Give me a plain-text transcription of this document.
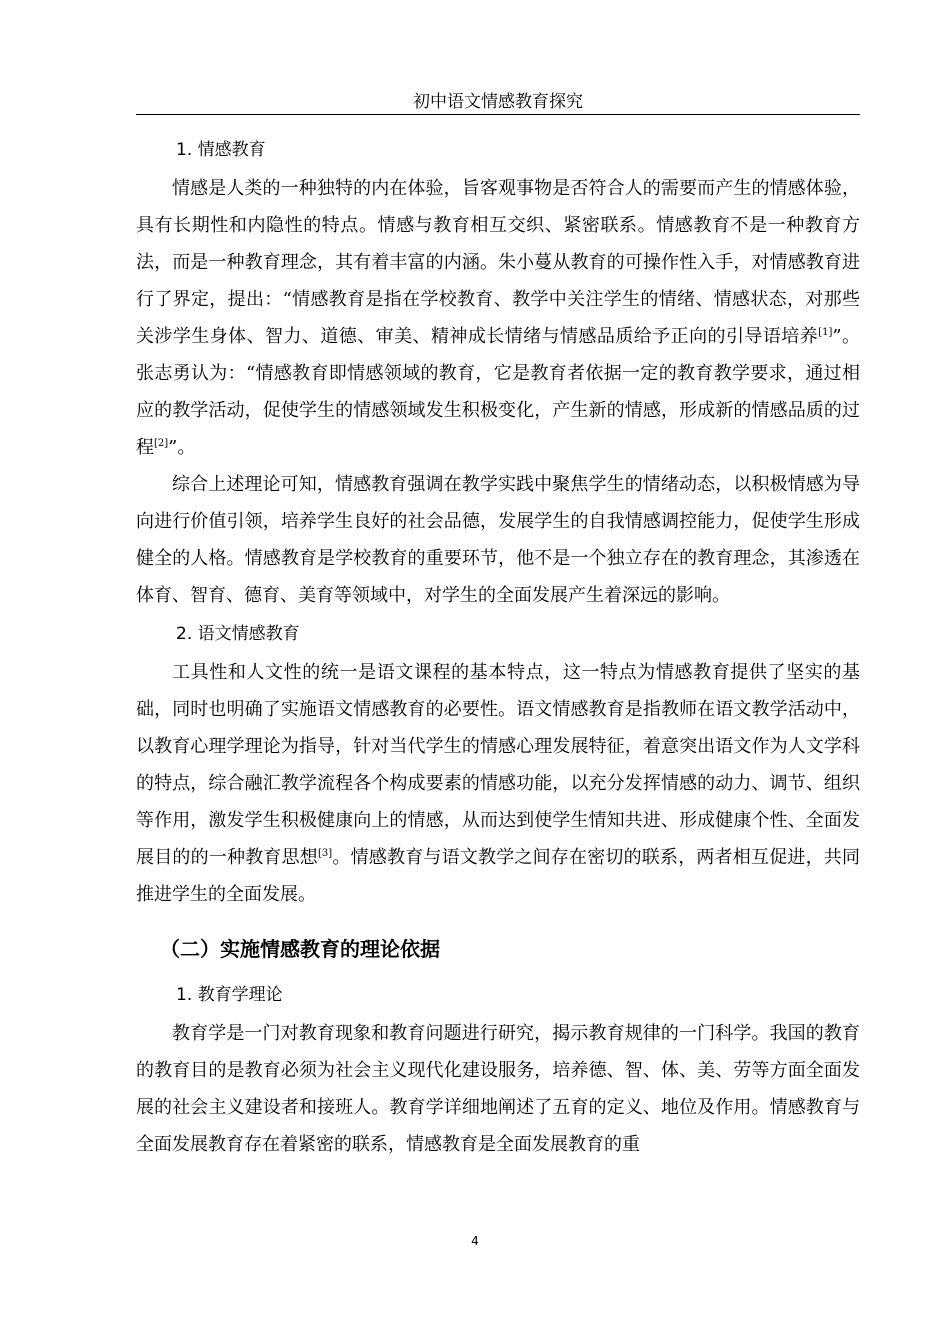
初中语文情感教育探究

1. 情感教育

情感是人类的一种独特的内在体验，旨客观事物是否符合人的需要而产生的情感体验，具有长期性和内隐性的特点。情感与教育相互交织、紧密联系。情感教育不是一种教育方法，而是一种教育理念，其有着丰富的内涵。朱小蔓从教育的可操作性入手，对情感教育进行了界定，提出：“情感教育是指在学校教育、教学中关注学生的情绪、情感状态，对那些关涉学生身体、智力、道德、审美、精神成长情绪与情感品质给予正向的引导语培养[1]”。张志勇认为：“情感教育即情感领域的教育，它是教育者依据一定的教育教学要求，通过相应的教学活动，促使学生的情感领域发生积极变化，产生新的情感，形成新的情感品质的过程[2]”。

综合上述理论可知，情感教育强调在教学实践中聚焦学生的情绪动态，以积极情感为导向进行价值引领，培养学生良好的社会品德，发展学生的自我情感调控能力，促使学生形成健全的人格。情感教育是学校教育的重要环节，他不是一个独立存在的教育理念，其渗透在体育、智育、德育、美育等领域中，对学生的全面发展产生着深远的影响。

2. 语文情感教育

工具性和人文性的统一是语文课程的基本特点，这一特点为情感教育提供了坚实的基础，同时也明确了实施语文情感教育的必要性。语文情感教育是指教师在语文教学活动中，以教育心理学理论为指导，针对当代学生的情感心理发展特征，着意突出语文作为人文学科的特点，综合融汇教学流程各个构成要素的情感功能，以充分发挥情感的动力、调节、组织等作用，激发学生积极健康向上的情感，从而达到使学生情知共进、形成健康个性、全面发展目的的一种教育思想[3]。情感教育与语文教学之间存在密切的联系，两者相互促进，共同推进学生的全面发展。

（二）实施情感教育的理论依据

1. 教育学理论

教育学是一门对教育现象和教育问题进行研究，揭示教育规律的一门科学。我国的教育的教育目的是教育必须为社会主义现代化建设服务，培养德、智、体、美、劳等方面全面发展的社会主义建设者和接班人。教育学详细地阐述了五育的定义、地位及作用。情感教育与全面发展教育存在着紧密的联系，情感教育是全面发展教育的重

4
